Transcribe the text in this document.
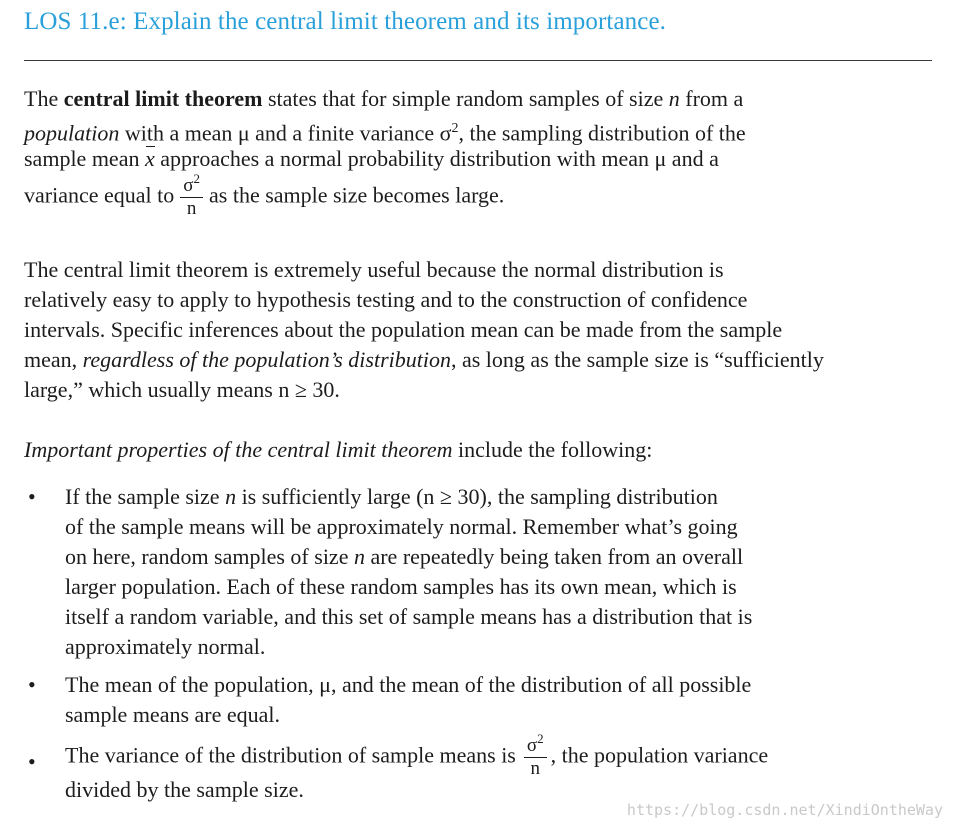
LOS 11.e: Explain the central limit theorem and its importance.
The central limit theorem states that for simple random samples of size n from a
population with a mean μ and a finite variance $\sigma^2$, the sampling distribution of the
sample mean x approaches a normal probability distribution with mean μ and a
variance equal to $\frac{\sigma^2}{n}$ as the sample size becomes large.
The central limit theorem is extremely useful because the normal distribution is
relatively easy to apply to hypothesis testing and to the construction of confidence
intervals. Specific inferences about the population mean can be made from the sample
mean, regardless of the population’s distribution, as long as the sample size is “sufficiently
large,” which usually means n ≥ 30.
Important properties of the central limit theorem include the following:
• If the sample size n is sufficiently large (n ≥ 30), the sampling distribution
of the sample means will be approximately normal. Remember what’s going
on here, random samples of size n are repeatedly being taken from an overall
larger population. Each of these random samples has its own mean, which is
itself a random variable, and this set of sample means has a distribution that is
approximately normal.
• The mean of the population, μ, and the mean of the distribution of all possible
sample means are equal.
• The variance of the distribution of sample means is $\frac{\sigma^2}{n}$ , the population variance
divided by the sample size.
https://blog.csdn.net/XindiOntheWay
